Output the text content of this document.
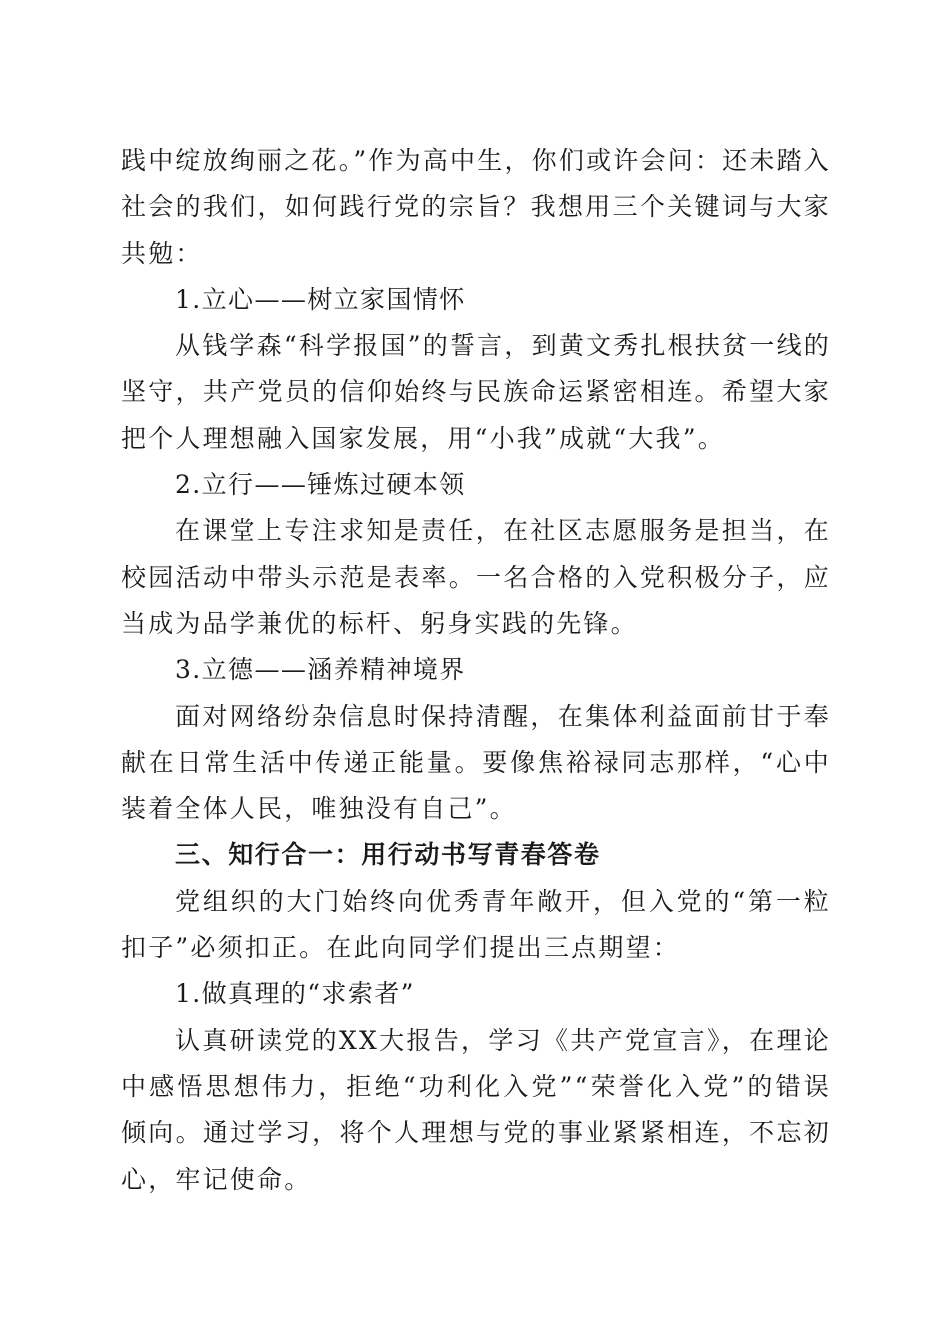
践中绽放绚丽之花。”作为高中生，你们或许会问：还未踏入社会的我们，如何践行党的宗旨？我想用三个关键词与大家共勉：

1.立心——树立家国情怀

从钱学森“科学报国”的誓言，到黄文秀扎根扶贫一线的坚守，共产党员的信仰始终与民族命运紧密相连。希望大家把个人理想融入国家发展，用“小我”成就“大我”。

2.立行——锤炼过硬本领

在课堂上专注求知是责任，在社区志愿服务是担当，在校园活动中带头示范是表率。一名合格的入党积极分子，应当成为品学兼优的标杆、躬身实践的先锋。

3.立德——涵养精神境界

面对网络纷杂信息时保持清醒，在集体利益面前甘于奉献在日常生活中传递正能量。要像焦裕禄同志那样，“心中装着全体人民，唯独没有自己”。

三、知行合一：用行动书写青春答卷

党组织的大门始终向优秀青年敞开，但入党的“第一粒扣子”必须扣正。在此向同学们提出三点期望：

1.做真理的“求索者”

认真研读党的XX大报告，学习《共产党宣言》，在理论中感悟思想伟力，拒绝“功利化入党”“荣誉化入党”的错误倾向。通过学习，将个人理想与党的事业紧紧相连，不忘初心，牢记使命。
